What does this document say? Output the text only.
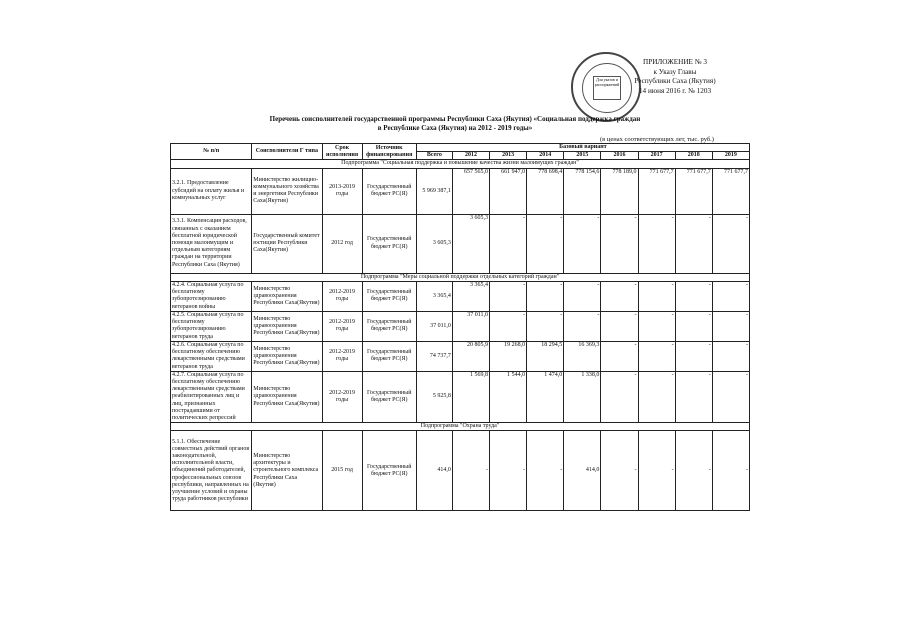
Для указов и распоряжений
ПРИЛОЖЕНИЕ № 3
к Указу Главы
Республики Саха (Якутия)
14 июня 2016 г. № 1203
Перечень соисполнителей государственной программы Республики Саха (Якутия) «Социальная поддержка граждан
в Республике Саха (Якутия) на 2012 - 2019 годы»
(в ценах соответствующих лет, тыс. руб.)
№ п/п	Соисполнители Г типа	Срок исполнения	Источник финансирования	Базовый вариант								
				Всего	2012	2013	2014	2015	2016	2017	2018	2019
Подпрограмма "Социальная поддержка и повышение качества жизни малоимущих граждан"												
3.2.1. Предоставление субсидий на оплату жилья и коммунальных услуг	Министерство жилищно-коммунального хозяйства и энергетики Республики Саха(Якутия)	2013-2019 годы	Государственный бюджет РС(Я)	5 969 387,1	657 565,0	661 947,0	778 698,4	778 154,6	778 189,0	771 677,7	771 677,7	771 677,7
3.3.1. Компенсация расходов, связанных с оказанием бесплатной юридической помощи малоимущим и отдельным категориям граждан на территории Республики Саха (Якутия)	Государственный комитет юстиции Республики Саха(Якутия)	2012 год	Государственный бюджет РС(Я)	3 605,3	3 605,3	-	-	-	-	-	-	-
Подпрограмма "Меры социальной поддержки отдельных категорий граждан"												
4.2.4. Социальная услуга по бесплатному зубопротезированию ветеранов войны	Министерство здравоохранения Республики Саха(Якутия)	2012-2019 годы	Государственный бюджет РС(Я)	3 365,4	3 365,4	-	-	-	-	-	-	-
4.2.5. Социальная услуга по бесплатному зубопротезированию ветеранов труда	Министерство здравоохранения Республики Саха(Якутия)	2012-2019 годы	Государственный бюджет РС(Я)	37 011,0	37 011,0	-	-	-	-	-	-	-
4.2.6. Социальная услуга по бесплатному обеспечению лекарственными средствами ветеранов труда	Министерство здравоохранения Республики Саха(Якутия)	2012-2019 годы	Государственный бюджет РС(Я)	74 737,7	20 805,9	19 268,0	18 294,5	16 369,3	-	-	-	-
4.2.7. Социальная услуга по бесплатному обеспечению лекарственными средствами реабилитированных лиц и лиц, признанных пострадавшими от политических репрессий	Министерство здравоохранения Республики Саха(Якутия)	2012-2019 годы	Государственный бюджет РС(Я)	5 925,8	1 569,8	1 544,0	1 474,0	1 338,0	-	-	-	-
Подпрограмма "Охрана труда"												
5.1.1. Обеспечение совместных действий органов законодательной, исполнительной власти, объединений работодателей, профессиональных союзов республики, направленных на улучшение условий и охраны труда работников республики	Министерство архитектуры и строительного комплекса Республики Саха (Якутия)	2015 год	Государственный бюджет РС(Я)	414,0	-	-	-	414,0	-	-	-	-
